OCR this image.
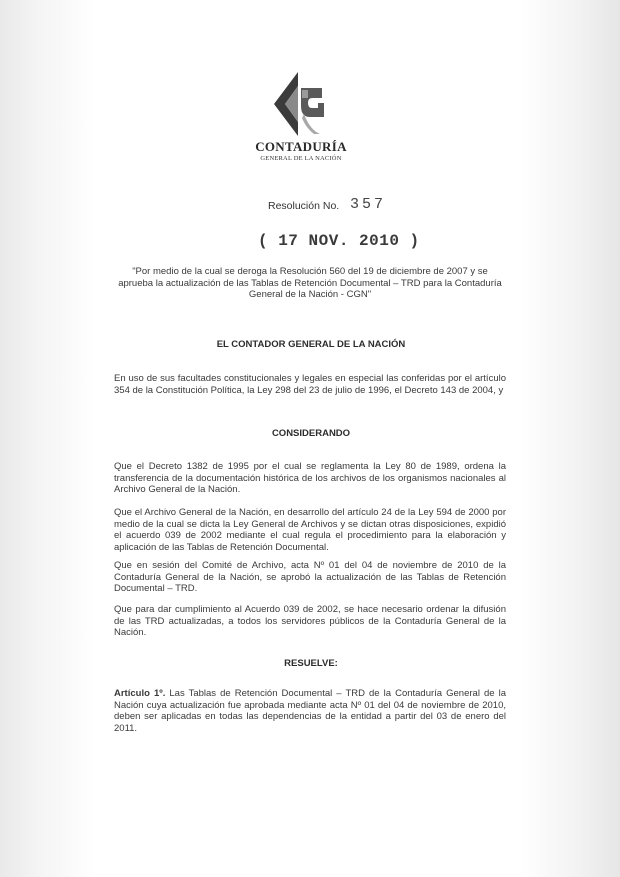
CONTADURÍA
GENERAL DE LA NACIÓN
Resolución No. 357
( 17 NOV. 2010 )
"Por medio de la cual se deroga la Resolución 560 del 19 de diciembre de 2007 y se aprueba la actualización de las Tablas de Retención Documental – TRD para la Contaduría General de la Nación - CGN"
EL CONTADOR GENERAL DE LA NACIÓN
En uso de sus facultades constitucionales y legales en especial las conferidas por el artículo 354 de la Constitución Política, la Ley 298 del 23 de julio de 1996, el Decreto 143 de 2004, y
CONSIDERANDO
Que el Decreto 1382 de 1995 por el cual se reglamenta la Ley 80 de 1989, ordena la transferencia de la documentación histórica de los archivos de los organismos nacionales al Archivo General de la Nación.
Que el Archivo General de la Nación, en desarrollo del artículo 24 de la Ley 594 de 2000 por medio de la cual se dicta la Ley General de Archivos y se dictan otras disposiciones, expidió el acuerdo 039 de 2002 mediante el cual regula el procedimiento para la elaboración y aplicación de las Tablas de Retención Documental.
Que en sesión del Comité de Archivo, acta Nº 01 del 04 de noviembre de 2010 de la Contaduría General de la Nación, se aprobó la actualización de las Tablas de Retención Documental – TRD.
Que para dar cumplimiento al Acuerdo 039 de 2002, se hace necesario ordenar la difusión de las TRD actualizadas, a todos los servidores públicos de la Contaduría General de la Nación.
RESUELVE:
Artículo 1º. Las Tablas de Retención Documental – TRD de la Contaduría General de la Nación cuya actualización fue aprobada mediante acta Nº 01 del 04 de noviembre de 2010, deben ser aplicadas en todas las dependencias de la entidad a partir del 03 de enero del 2011.
